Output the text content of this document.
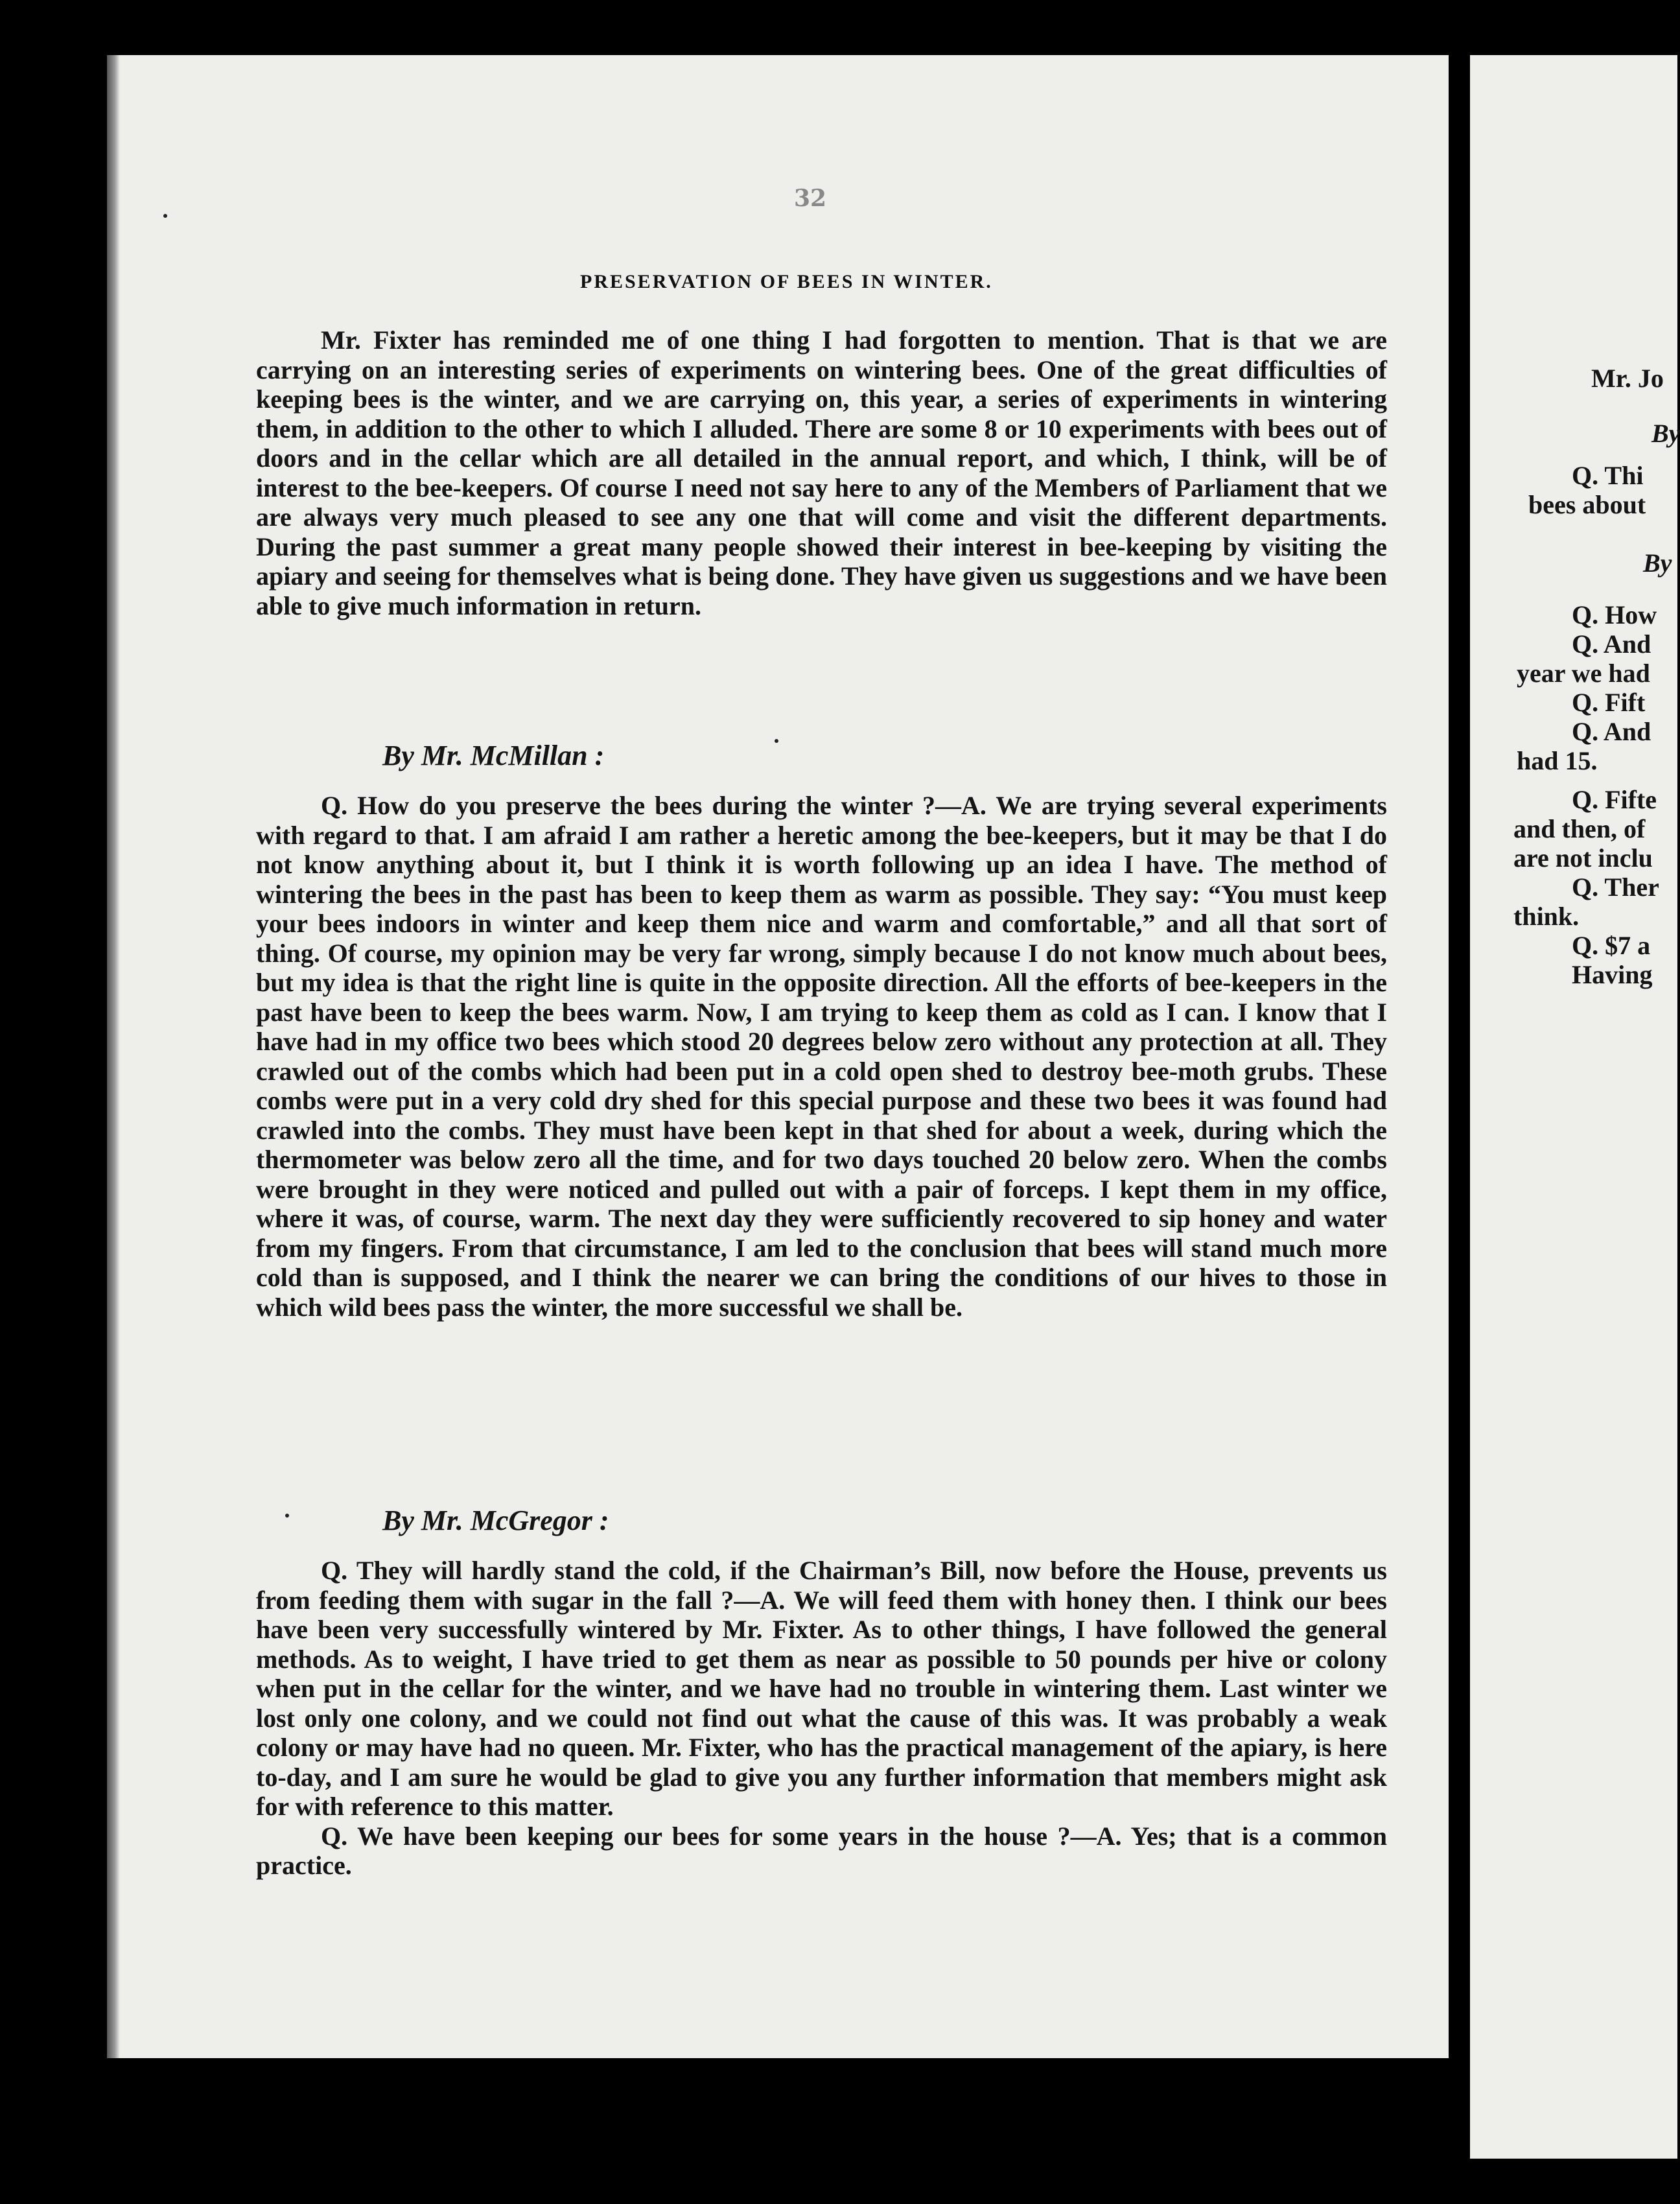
32
PRESERVATION OF BEES IN WINTER.

Mr. Fixter has reminded me of one thing I had forgotten to mention. That is that we are carrying on an interesting series of experiments on wintering bees. One of the great difficulties of keeping bees is the winter, and we are carrying on, this year, a series of experiments in wintering them, in addition to the other to which I alluded. There are some 8 or 10 experiments with bees out of doors and in the cellar which are all detailed in the annual report, and which, I think, will be of interest to the bee-keepers. Of course I need not say here to any of the Members of Parliament that we are always very much pleased to see any one that will come and visit the different departments. During the past summer a great many people showed their interest in bee-keeping by visiting the apiary and seeing for themselves what is being done. They have given us suggestions and we have been able to give much information in return.

By Mr. McMillan :

Q. How do you preserve the bees during the winter ?—A. We are trying several experiments with regard to that. I am afraid I am rather a heretic among the bee-keepers, but it may be that I do not know anything about it, but I think it is worth following up an idea I have. The method of wintering the bees in the past has been to keep them as warm as possible. They say: “You must keep your bees indoors in winter and keep them nice and warm and comfortable,” and all that sort of thing. Of course, my opinion may be very far wrong, simply because I do not know much about bees, but my idea is that the right line is quite in the opposite direction. All the efforts of bee-keepers in the past have been to keep the bees warm. Now, I am trying to keep them as cold as I can. I know that I have had in my office two bees which stood 20 degrees below zero without any protection at all. They crawled out of the combs which had been put in a cold open shed to destroy bee-moth grubs. These combs were put in a very cold dry shed for this special purpose and these two bees it was found had crawled into the combs. They must have been kept in that shed for about a week, during which the thermometer was below zero all the time, and for two days touched 20 below zero. When the combs were brought in they were noticed and pulled out with a pair of forceps. I kept them in my office, where it was, of course, warm. The next day they were sufficiently recovered to sip honey and water from my fingers. From that circumstance, I am led to the conclusion that bees will stand much more cold than is supposed, and I think the nearer we can bring the conditions of our hives to those in which wild bees pass the winter, the more successful we shall be.

By Mr. McGregor :

Q. They will hardly stand the cold, if the Chairman’s Bill, now before the House, prevents us from feeding them with sugar in the fall ?—A. We will feed them with honey then. I think our bees have been very successfully wintered by Mr. Fixter. As to other things, I have followed the general methods. As to weight, I have tried to get them as near as possible to 50 pounds per hive or colony when put in the cellar for the winter, and we have had no trouble in wintering them. Last winter we lost only one colony, and we could not find out what the cause of this was. It was probably a weak colony or may have had no queen. Mr. Fixter, who has the practical management of the apiary, is here to-day, and I am sure he would be glad to give you any further information that members might ask for with reference to this matter.

Q. We have been keeping our bees for some years in the house ?—A. Yes; that is a common practice.

Mr. Jo
By
Q. Thi
bees about
By
Q. How
Q. And
year we had
Q. Fift
Q. And
had 15.
Q. Fifte
and then, of
are not inclu
Q. Ther
think.
Q. $7 a
Having
